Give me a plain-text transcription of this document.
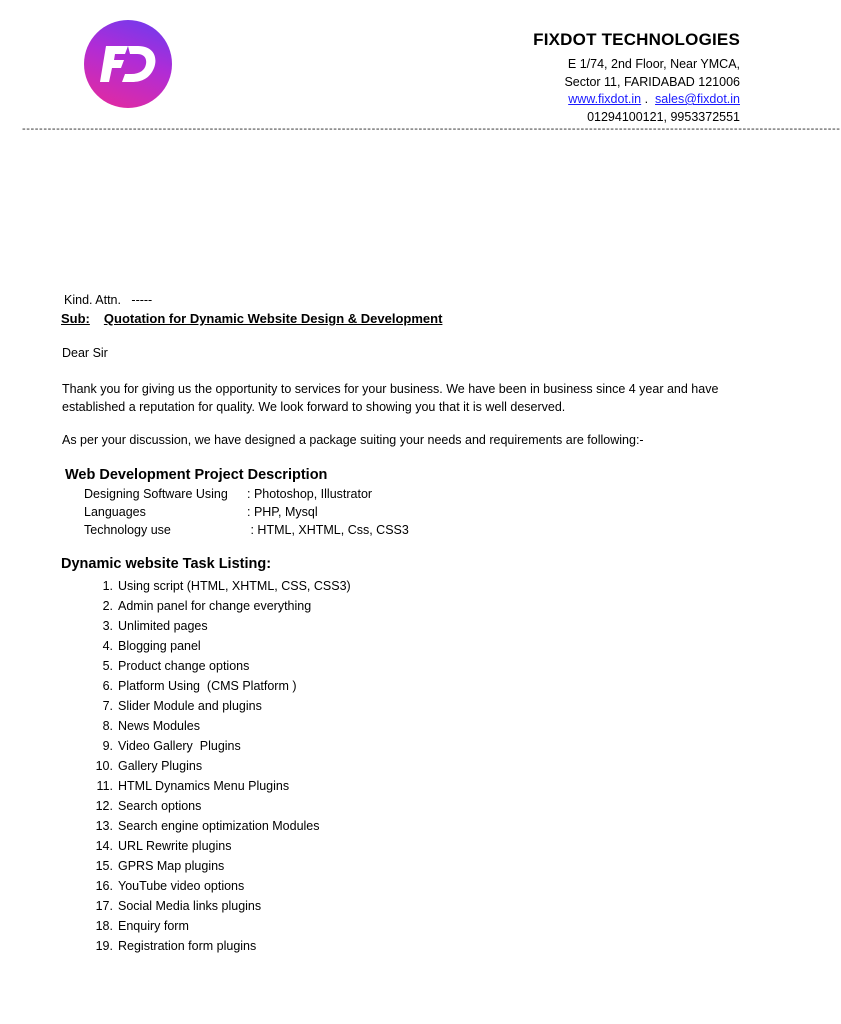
FIXDOT TECHNOLOGIES
E 1/74, 2nd Floor, Near YMCA,
Sector 11, FARIDABAD 121006
www.fixdot.in .  sales@fixdot.in
01294100121, 9953372551
------------------------------------------------------------------------------------------------------------------------------------------------------------------------------------------------
Kind. Attn.   -----
Sub: Quotation for Dynamic Website Design & Development
Dear Sir
Thank you for giving us the opportunity to services for your business. We have been in business since 4 year and have established a reputation for quality. We look forward to showing you that it is well deserved.
As per your discussion, we have designed a package suiting your needs and requirements are following:-
Web Development Project Description
Designing Software Using	: Photoshop, Illustrator
Languages	: PHP, Mysql
Technology use	: HTML, XHTML, Css, CSS3
Dynamic website Task Listing:
1. Using script (HTML, XHTML, CSS, CSS3)
2. Admin panel for change everything
3. Unlimited pages
4. Blogging panel
5. Product change options
6. Platform Using  (CMS Platform )
7. Slider Module and plugins
8. News Modules
9. Video Gallery  Plugins
10. Gallery Plugins
11. HTML Dynamics Menu Plugins
12. Search options
13. Search engine optimization Modules
14. URL Rewrite plugins
15. GPRS Map plugins
16. YouTube video options
17. Social Media links plugins
18. Enquiry form
19. Registration form plugins
